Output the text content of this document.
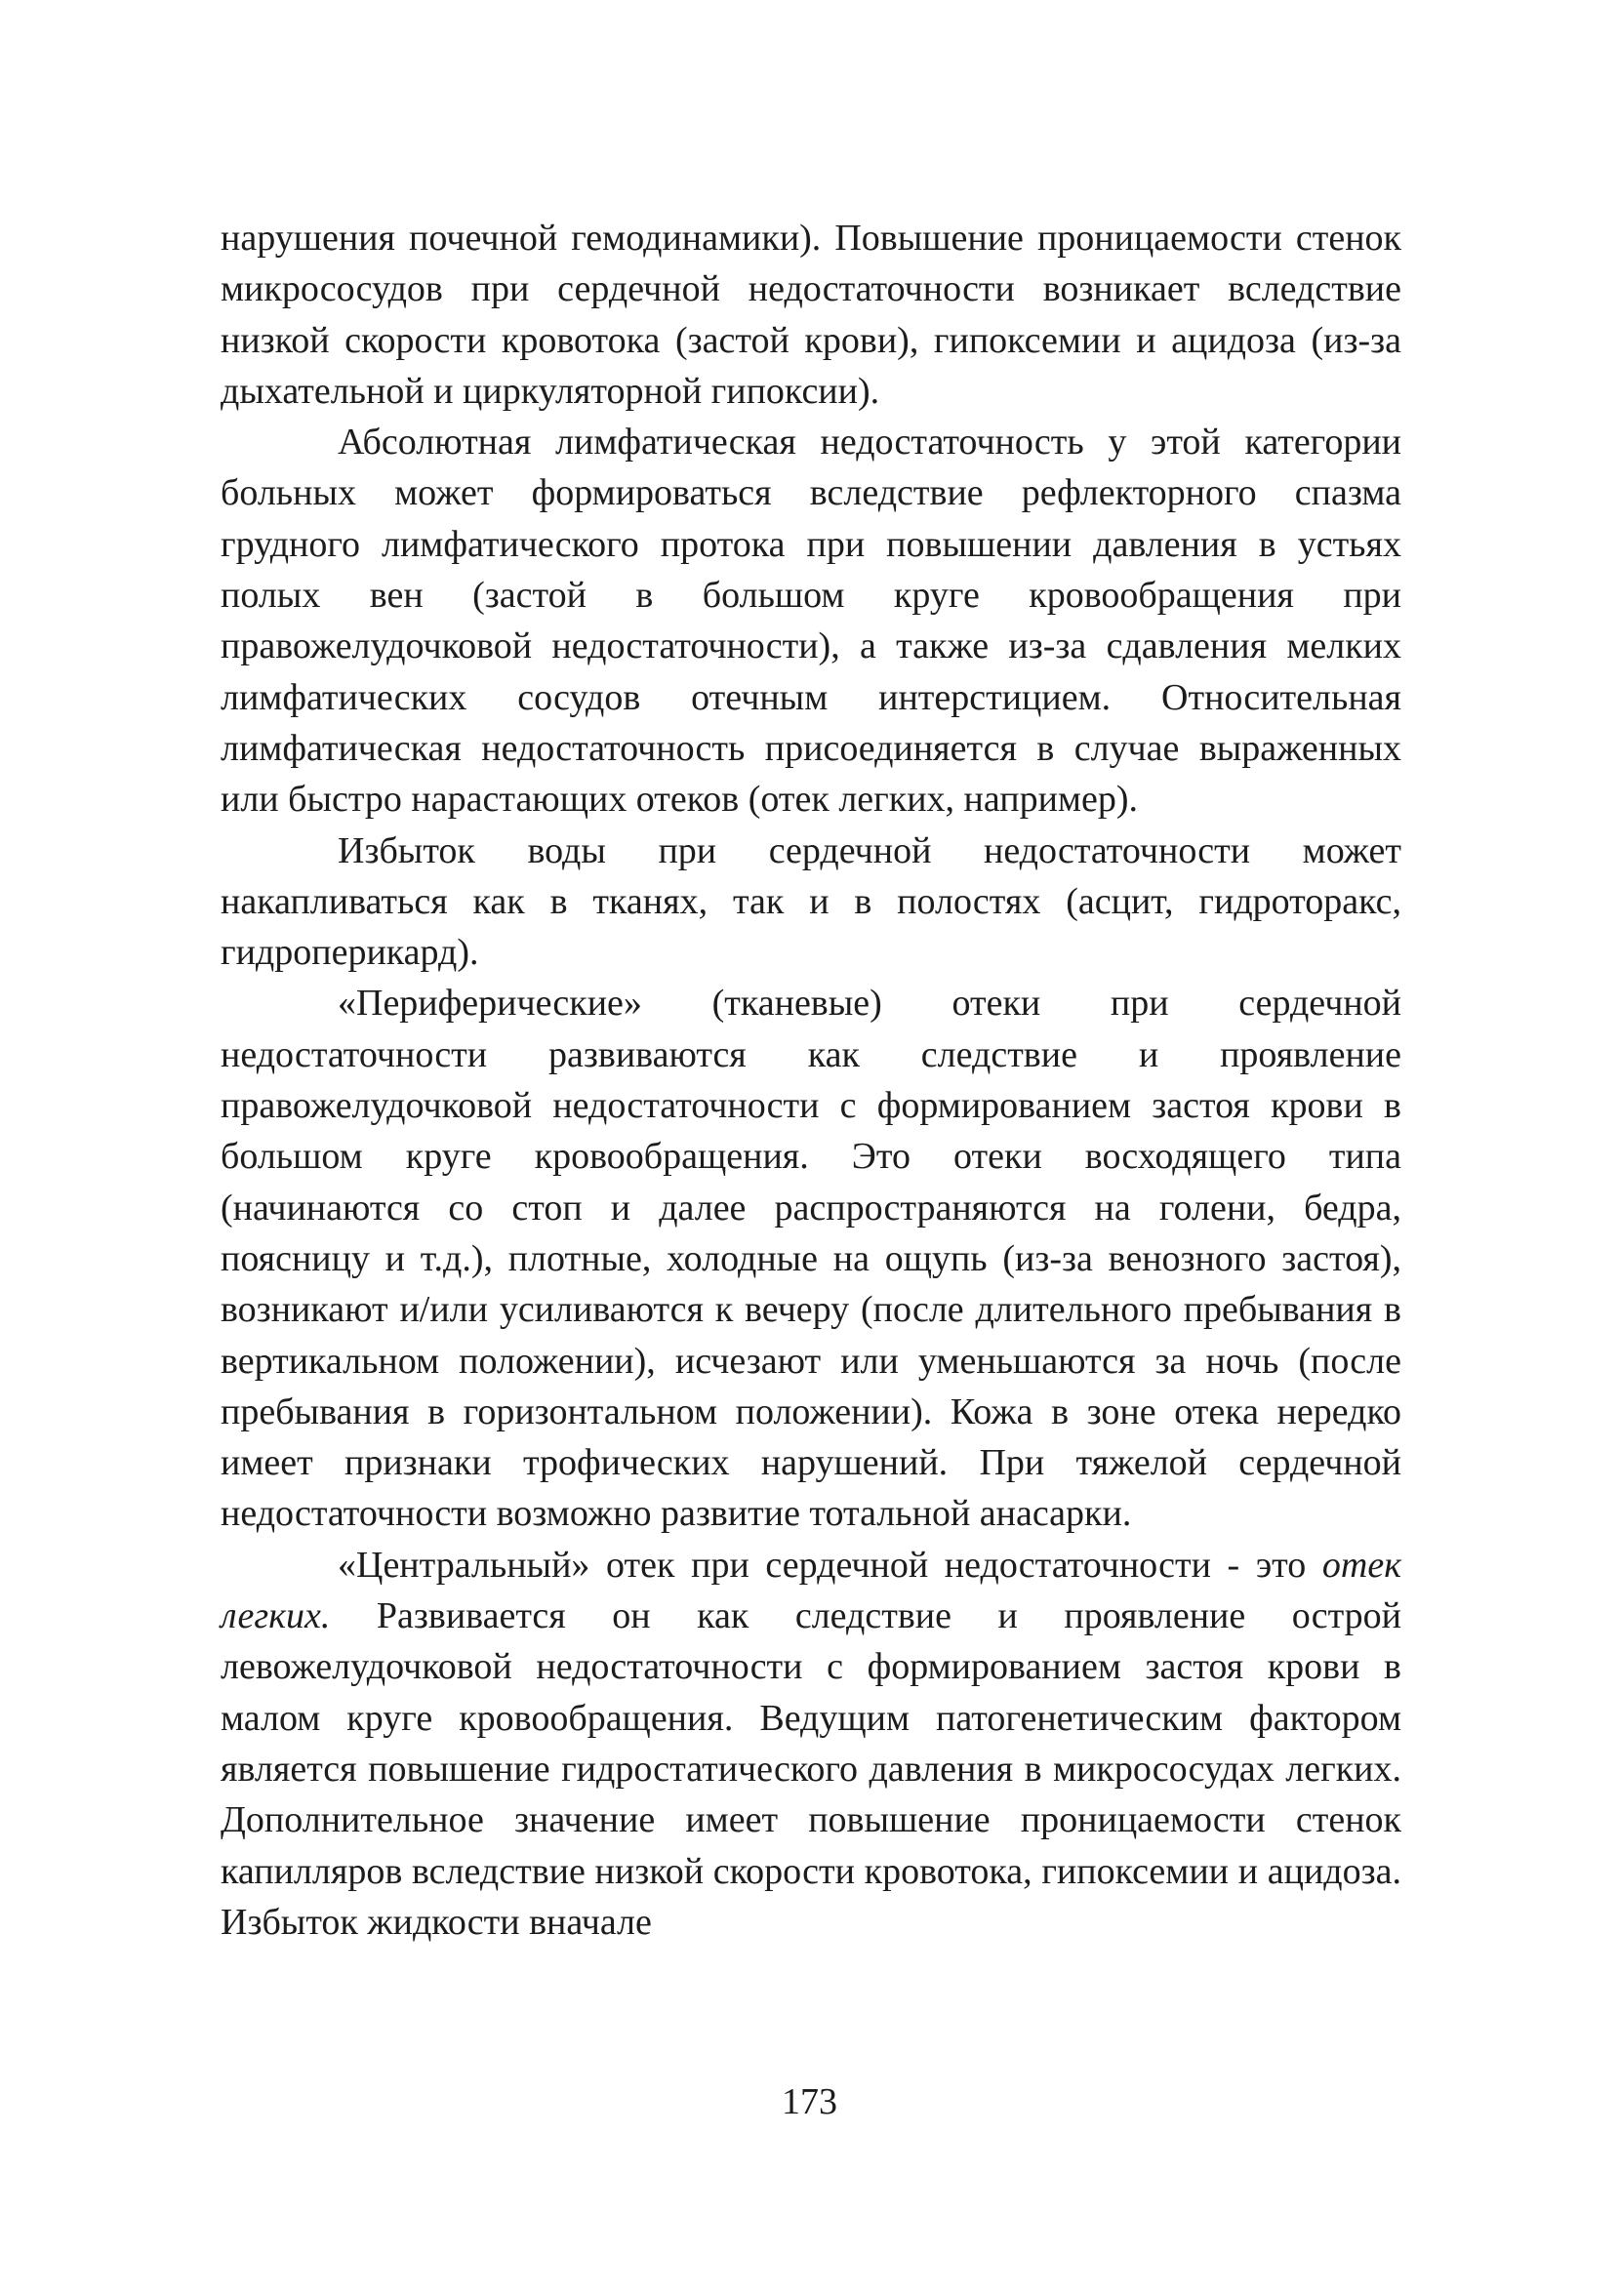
нарушения почечной гемодинамики). Повышение проницаемости стенок микрососудов при сердечной недостаточности возникает вследствие низкой скорости кровотока (застой крови), гипоксемии и ацидоза (из-за дыхательной и циркуляторной гипоксии).

Абсолютная лимфатическая недостаточность у этой категории больных может формироваться вследствие рефлекторного спазма грудного лимфатического протока при повышении давления в устьях полых вен (застой в большом круге кровообращения при правожелудочковой недостаточности), а также из-за сдавления мелких лимфатических сосудов отечным интерстицием. Относительная лимфатическая недостаточность присоединяется в случае выраженных или быстро нарастающих отеков (отек легких, например).

Избыток воды при сердечной недостаточности может накапливаться как в тканях, так и в полостях (асцит, гидроторакс, гидроперикард).

«Периферические» (тканевые) отеки при сердечной недостаточности развиваются как следствие и проявление правожелудочковой недостаточности с формированием застоя крови в большом круге кровообращения. Это отеки восходящего типа (начинаются со стоп и далее распространяются на голени, бедра, поясницу и т.д.), плотные, холодные на ощупь (из-за венозного застоя), возникают и/или усиливаются к вечеру (после длительного пребывания в вертикальном положении), исчезают или уменьшаются за ночь (после пребывания в горизонтальном положении). Кожа в зоне отека нередко имеет признаки трофических нарушений. При тяжелой сердечной недостаточности возможно развитие тотальной анасарки.

«Центральный» отек при сердечной недостаточности - это отек легких. Развивается он как следствие и проявление острой левожелудочковой недостаточности с формированием застоя крови в малом круге кровообращения. Ведущим патогенетическим фактором является повышение гидростатического давления в микрососудах легких. Дополнительное значение имеет повышение проницаемости стенок капилляров вследствие низкой скорости кровотока, гипоксемии и ацидоза. Избыток жидкости вначале

173
